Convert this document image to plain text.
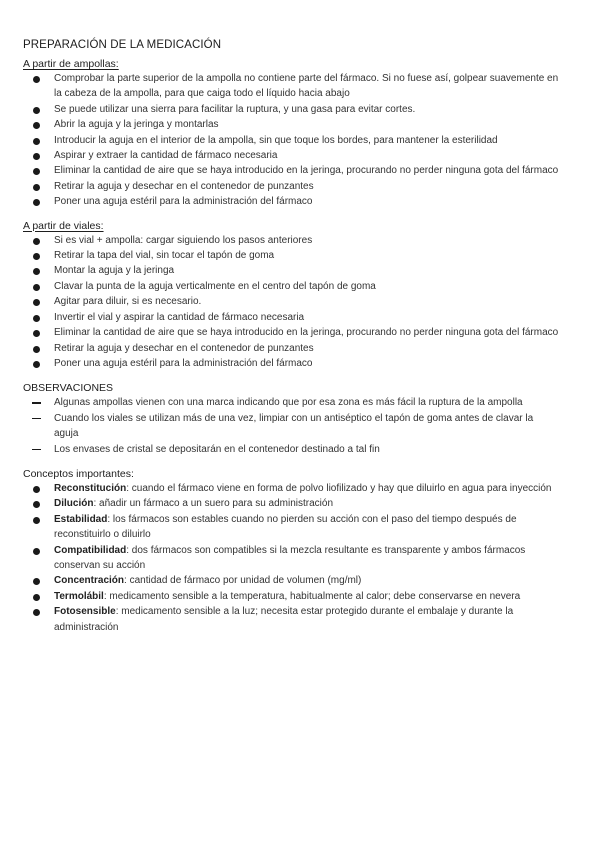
PREPARACIÓN DE LA MEDICACIÓN
A partir de ampollas:
Comprobar la parte superior de la ampolla no contiene parte del fármaco. Si no fuese así, golpear suavemente en la cabeza de la ampolla, para que caiga todo el líquido hacia abajo
Se puede utilizar una sierra para facilitar la ruptura, y una gasa para evitar cortes.
Abrir la aguja y la jeringa y montarlas
Introducir la aguja en el interior de la ampolla, sin que toque los bordes, para mantener la esterilidad
Aspirar y extraer la cantidad de fármaco necesaria
Eliminar la cantidad de aire que se haya introducido en la jeringa, procurando no perder ninguna gota del fármaco
Retirar la aguja y desechar en el contenedor de punzantes
Poner una aguja estéril para la administración del fármaco
A partir de viales:
Si es vial + ampolla: cargar siguiendo los pasos anteriores
Retirar la tapa del vial, sin tocar el tapón de goma
Montar la aguja y la jeringa
Clavar la punta de la aguja verticalmente en el centro del tapón de goma
Agitar para diluir, si es necesario.
Invertir el vial y aspirar la cantidad de fármaco necesaria
Eliminar la cantidad de aire que se haya introducido en la jeringa, procurando no perder ninguna gota del fármaco
Retirar la aguja y desechar en el contenedor de punzantes
Poner una aguja estéril para la administración del fármaco
OBSERVACIONES
Algunas ampollas vienen con una marca indicando que por esa zona es más fácil la ruptura de la ampolla
Cuando los viales se utilizan más de una vez, limpiar con un antiséptico el tapón de goma antes de clavar la aguja
Los envases de cristal se depositarán en el contenedor destinado a tal fin
Conceptos importantes:
Reconstitución: cuando el fármaco viene en forma de polvo liofilizado y hay que diluirlo en agua para inyección
Dilución: añadir un fármaco a un suero para su administración
Estabilidad: los fármacos son estables cuando no pierden su acción con el paso del tiempo después de reconstituirlo o diluirlo
Compatibilidad: dos fármacos son compatibles si la mezcla resultante es transparente y ambos fármacos conservan su acción
Concentración: cantidad de fármaco por unidad de volumen (mg/ml)
Termolábil: medicamento sensible a la temperatura, habitualmente al calor; debe conservarse en nevera
Fotosensible: medicamento sensible a la luz; necesita estar protegido durante el embalaje y durante la administración
